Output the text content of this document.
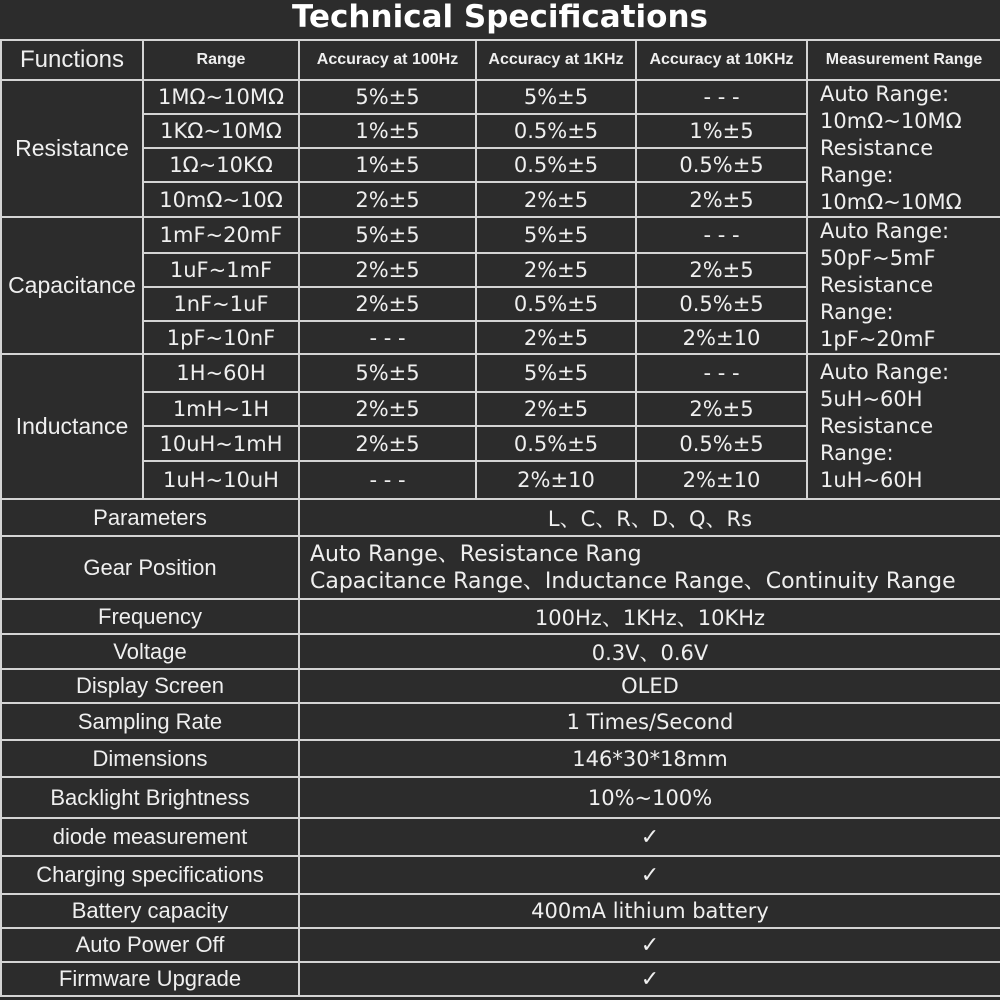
Technical Specifications
Functions	Range	Accuracy at 100Hz	Accuracy at 1KHz	Accuracy at 10KHz	Measurement Range
Resistance	1MΩ~10MΩ	5%±5	5%±5	- - -	Auto Range:
10mΩ~10MΩ
Resistance
Range:
10mΩ~10MΩ

	1KΩ~10MΩ	1%±5	0.5%±5	1%±5	
	1Ω~10KΩ	1%±5	0.5%±5	0.5%±5	
	10mΩ~10Ω	2%±5	2%±5	2%±5	
Capacitance	1mF~20mF	5%±5	5%±5	- - -	Auto Range:
50pF~5mF
Resistance
Range:
1pF~20mF

	1uF~1mF	2%±5	2%±5	2%±5	
	1nF~1uF	2%±5	0.5%±5	0.5%±5	
	1pF~10nF	- - -	2%±5	2%±10	
Inductance	1H~60H	5%±5	5%±5	- - -	Auto Range:
5uH~60H
Resistance
Range:
1uH~60H

	1mH~1H	2%±5	2%±5	2%±5	
	10uH~1mH	2%±5	0.5%±5	0.5%±5	
	1uH~10uH	- - -	2%±10	2%±10	
Parameters		L、C、R、D、Q、Rs			
Gear Position		Auto Range、Resistance Rang
Capacitance Range、Inductance Range、Continuity Range			

Frequency		100Hz、1KHz、10KHz			
Voltage		0.3V、0.6V			
Display Screen		OLED			
Sampling Rate		1 Times/Second			
Dimensions		146*30*18mm			
Backlight Brightness		10%~100%			
diode measurement		✓			
Charging specifications		✓			
Battery capacity		400mA lithium battery			
Auto Power Off		✓			
Firmware Upgrade		✓			
